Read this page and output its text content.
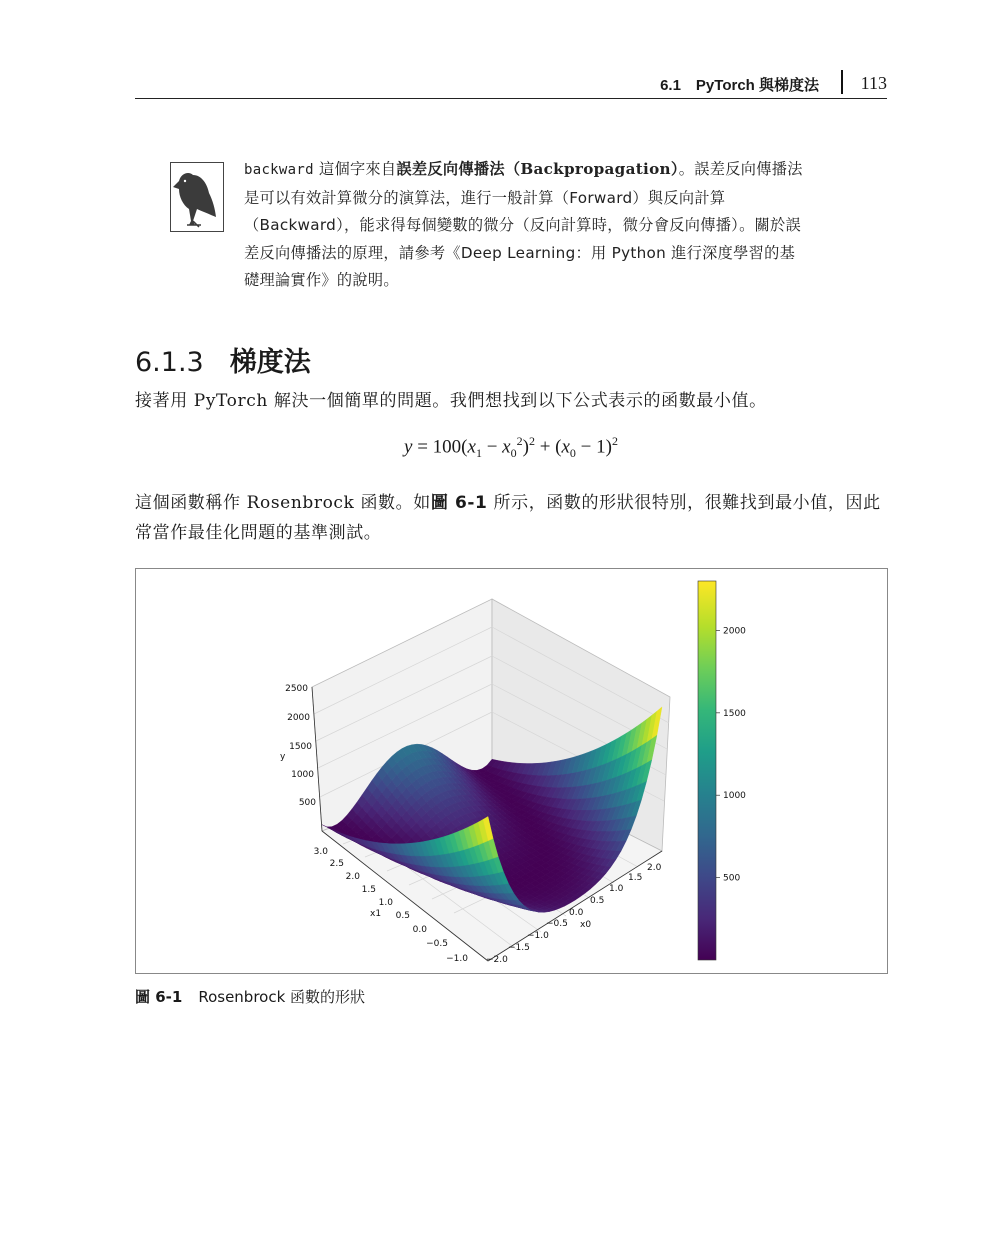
6.1　PyTorch 與梯度法 113
backward 這個字來自誤差反向傳播法（Backpropagation）。誤差反向傳播法是可以有效計算微分的演算法，進行一般計算（Forward）與反向計算（Backward），能求得每個變數的微分（反向計算時，微分會反向傳播）。關於誤差反向傳播法的原理，請參考《Deep Learning：用 Python 進行深度學習的基礎理論實作》的說明。
6.1.3 梯度法
接著用 PyTorch 解決一個簡單的問題。我們想找到以下公式表示的函數最小值。
$y = 100(x_1 - x_0^2)^2 + (x_0 - 1)^2$
這個函數稱作 Rosenbrock 函數。如圖 6-1 所示，函數的形狀很特別，很難找到最小值，因此常當作最佳化問題的基準測試。
2500
2000
1500
1000
500
y
−1.0
−0.5
0.0
0.5
1.0
1.5
2.0
2.5
3.0
x1
−2.0
−1.5
−1.0
−0.5
0.0
0.5
1.0
1.5
2.0
x0
500
1000
1500
2000
圖 6-1 Rosenbrock 函數的形狀
